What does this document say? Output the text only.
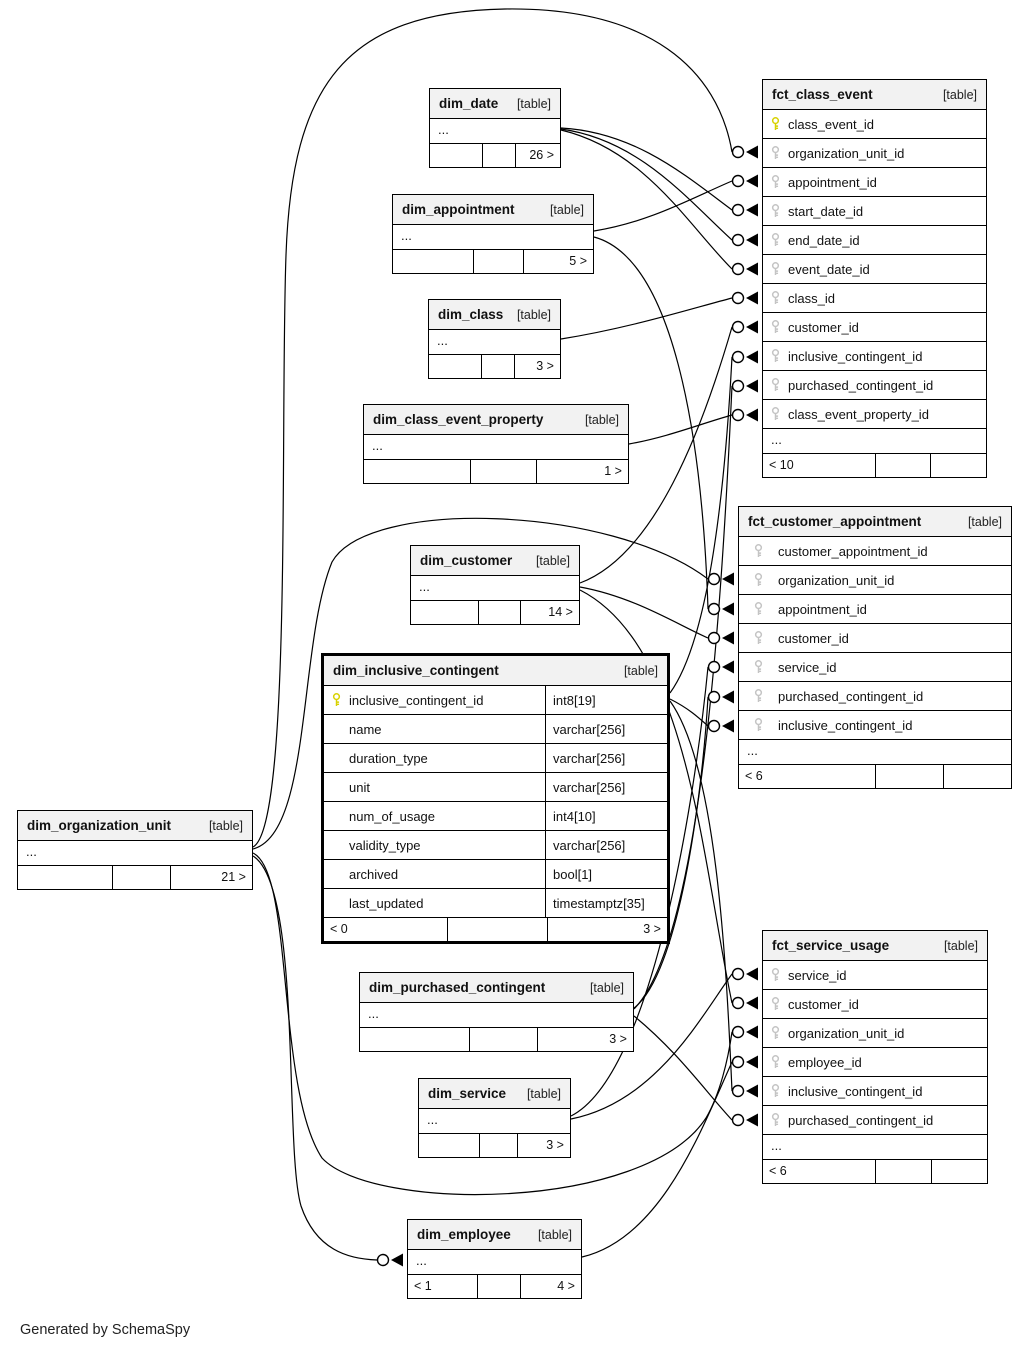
dim_date [table]
...
26 >
dim_appointment	[table]
...
5 >
dim_class [table]
...
3 >
dim_class_event_property	[table]
...
1 >
dim_customer [table]
...
14 >
dim_inclusive_contingent	[table]
inclusive_contingent_id	int8[19]
name	varchar[256]
duration_type	varchar[256]
unit	varchar[256]
num_of_usage	int4[10]
validity_type	varchar[256]
archived	bool[1]
last_updated	timestamptz[35]
< 0	3 >
dim_organization_unit	[table]
...
21 >
dim_purchased_contingent	[table]
...
3 >
dim_service [table]
...
3 >
dim_employee [table]
...
< 1	4 >
fct_class_event	[table]
class_event_id
organization_unit_id
appointment_id
start_date_id
end_date_id
event_date_id
class_id
customer_id
inclusive_contingent_id
purchased_contingent_id
class_event_property_id
...
< 10
fct_customer_appointment	[table]
customer_appointment_id
organization_unit_id
appointment_id
customer_id
service_id
purchased_contingent_id
inclusive_contingent_id
...
< 6
fct_service_usage	[table]
service_id
customer_id
organization_unit_id
employee_id
inclusive_contingent_id
purchased_contingent_id
...
< 6
Generated by SchemaSpy
